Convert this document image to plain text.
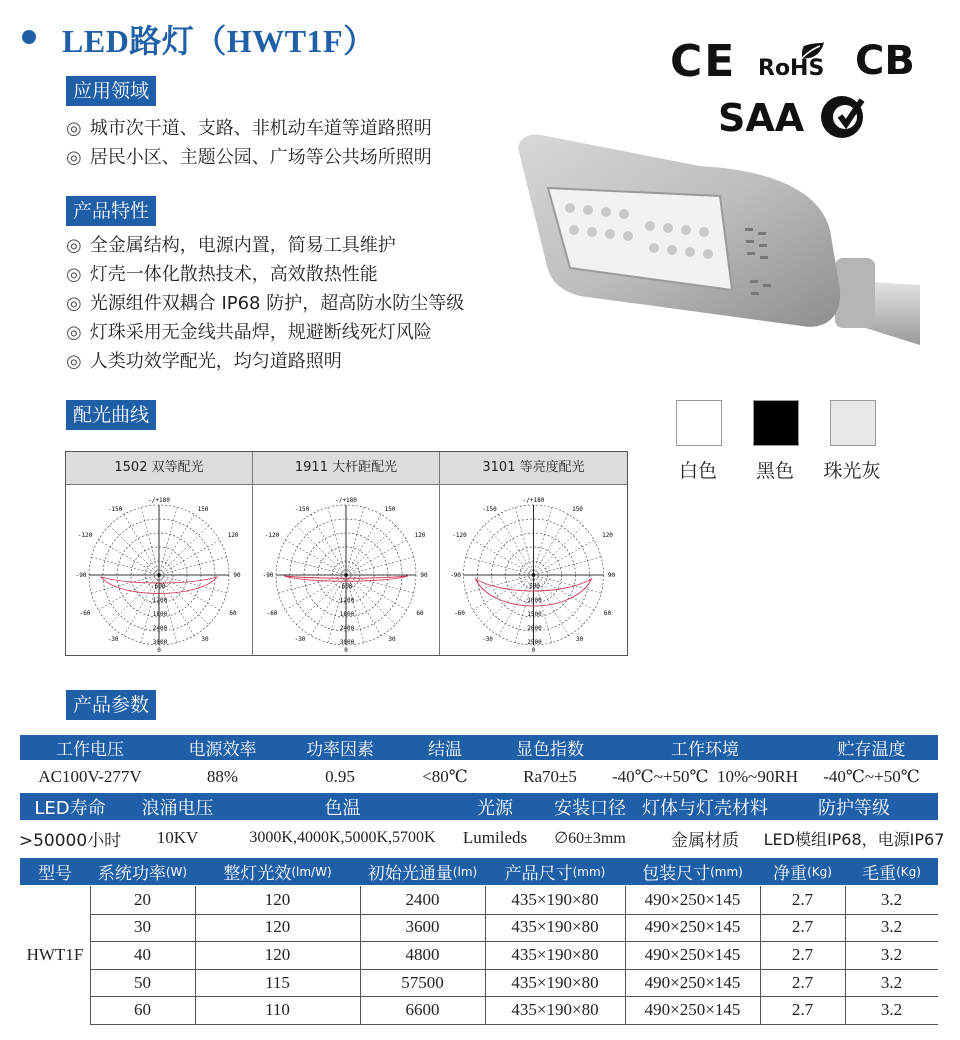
LED路灯（HWT1F）	CE RoHS CB
SAA
应用领域
◎ 城市次干道、支路、非机动车道等道路照明
◎ 居民小区、主题公园、广场等公共场所照明
产品特性
◎ 全金属结构，电源内置，简易工具维护
◎ 灯壳一体化散热技术，高效散热性能
◎ 光源组件双耦合 IP68 防护，超高防水防尘等级
◎ 灯珠采用无金线共晶焊，规避断线死灯风险
◎ 人类功效学配光，均匀道路照明
配光曲线
白色	黑色	珠光灰
1502 双等配光	1911 大杆距配光	3101 等亮度配光
-/+180
-150	150
-120	120
-90	90
-60	60
-30	30
0
600
1200
1800
2400
3000
-/+180
-150	150
-120	120
-90	90
-60	60
-30	30
0
600
1200
1800
2400
3000
-/+180
-150	150
-120	120
-90	90
-60	60
-30	30
0
500
1000
1500
2000
2500
产品参数
工作电压	电源效率	功率因素	结温	显色指数	工作环境	贮存温度
AC100V-277V	88%	0.95	<80℃	Ra70±5	-40℃~+50℃  10%~90RH	-40℃~+50℃
LED寿命	浪涌电压	色温	光源	安装口径 灯体与灯壳材料	防护等级
>50000小时	10KV	3000K,4000K,5000K,5700K	Lumileds	∅60±3mm	金属材质	LED模组IP68，电源IP67
型号 系统功率 (W) 整灯光效 (lm/W) 初始光通量 (lm) 产品尺寸 (mm) 包装尺寸 (mm) 净重 (Kg) 毛重 (Kg)
HWT1F
20	120	2400	435×190×80	490×250×145	2.7	3.2
30	120	3600	435×190×80	490×250×145	2.7	3.2
40	120	4800	435×190×80	490×250×145	2.7	3.2
50	115	57500	435×190×80	490×250×145	2.7	3.2
60	110	6600	435×190×80	490×250×145	2.7	3.2
